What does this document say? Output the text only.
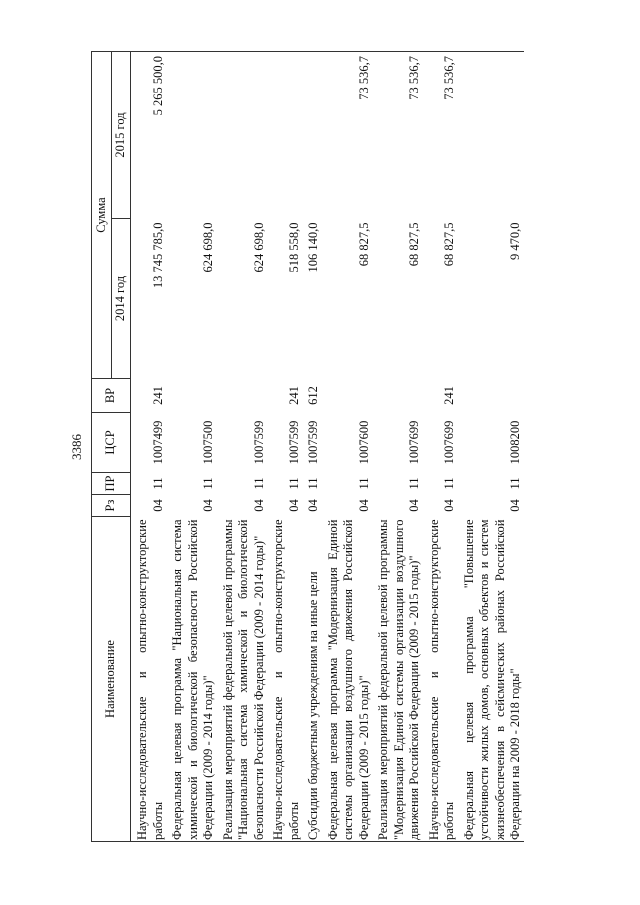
3386
Наименование	Рз	ПР	ЦСР	ВР	Сумма	
					2014 год	2015 год
Научно-исследовательские и опытно-конструкторские работы	04	11	1007499	241	13 745 785,0	5 265 500,0
Федеральная целевая программа "Национальная система химической и биологической безопасности Российской Федерации (2009 - 2014 годы)"	04	11	1007500		624 698,0	
Реализация мероприятий федеральной целевой программы "Национальная система химической и биологической безопасности Российской Федерации (2009 - 2014 годы)"	04	11	1007599		624 698,0	
Научно-исследовательские и опытно-конструкторские работы	04	11	1007599	241	518 558,0	
Субсидии бюджетным учреждениям на иные цели	04	11	1007599	612	106 140,0	
Федеральная целевая программа "Модернизация Единой системы организации воздушного движения Российской Федерации (2009 - 2015 годы)"	04	11	1007600		68 827,5	73 536,7
Реализация мероприятий федеральной целевой программы "Модернизация Единой системы организации воздушного движения Российской Федерации (2009 - 2015 годы)"	04	11	1007699		68 827,5	73 536,7
Научно-исследовательские и опытно-конструкторские работы	04	11	1007699	241	68 827,5	73 536,7
Федеральная целевая программа "Повышение устойчивости жилых домов, основных объектов и систем жизнеобеспечения в сейсмических районах Российской Федерации на 2009 - 2018 годы"	04	11	1008200		9 470,0	
